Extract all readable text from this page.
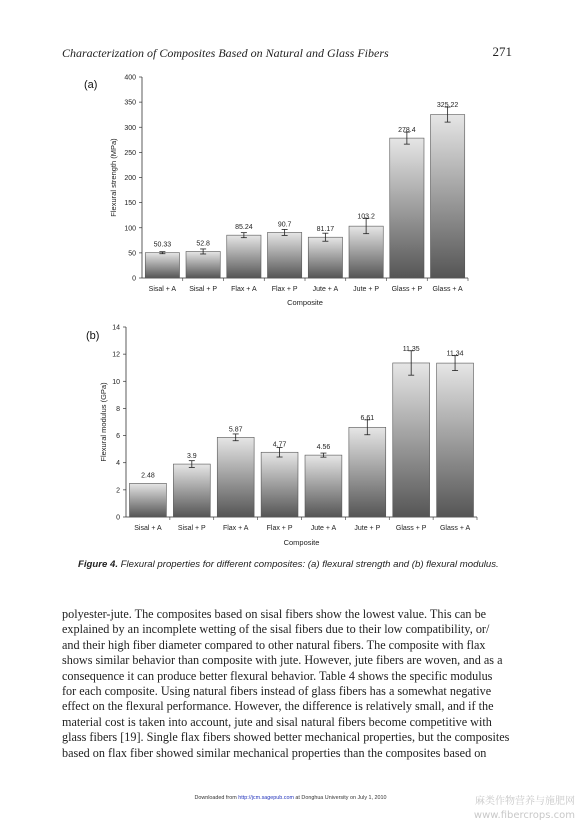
Characterization of Composites Based on Natural and Glass Fibers	271
(a)
0
50
100
150
200
250
300
350
400
Flexural strength (MPa)
Sisal + A
50.33
Sisal + P
52.8
Flax + A
85.24
Flax + P
90.7
Jute + A
81.17
Jute + P
103.2
Glass + P
278.4
Glass + A
325.22
Composite
(b)
0
2
4
6
8
10
12
14
Flexural modulus (GPa)
Sisal + A
2.48
Sisal + P
3.9
Flax + A
5.87
Flax + P
4.77
Jute + A
4.56
Jute + P
6.61
Glass + P
11.35
Glass + A
11.34
Composite
Figure 4. Flexural properties for different composites: (a) flexural strength and (b) flexural modulus.
polyester-jute. The composites based on sisal fibers show the lowest value. This can be
explained by an incomplete wetting of the sisal fibers due to their low compatibility, or/
and their high fiber diameter compared to other natural fibers. The composite with flax
shows similar behavior than composite with jute. However, jute fibers are woven, and as a
consequence it can produce better flexural behavior. Table 4 shows the specific modulus
for each composite. Using natural fibers instead of glass fibers has a somewhat negative
effect on the flexural performance. However, the difference is relatively small, and if the
material cost is taken into account, jute and sisal natural fibers become competitive with
glass fibers [19]. Single flax fibers showed better mechanical properties, but the composites
based on flax fiber showed similar mechanical properties than the composites based on
Downloaded from http://jcm.sagepub.com at Donghua University on July 1, 2010	麻类作物营养与施肥网
www.fibercrops.com
